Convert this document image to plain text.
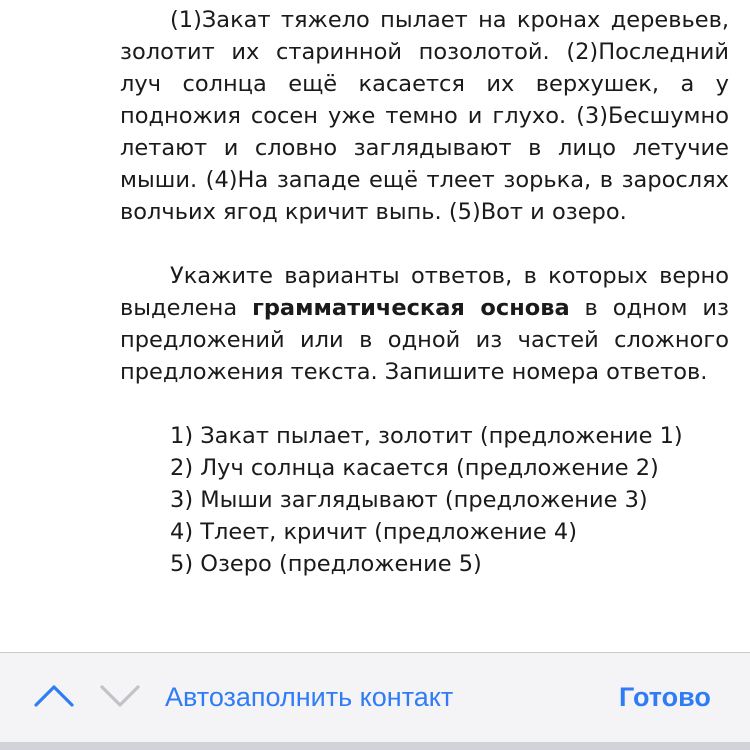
(1)Закат тяжело пылает на кронах деревьев, золотит их старинной позолотой. (2)Последний луч солнца ещё касается их верхушек, а у подножия сосен уже темно и глухо. (3)Бесшумно летают и словно заглядывают в лицо летучие мыши. (4)На западе ещё тлеет зорька, в зарослях волчьих ягод кричит выпь. (5)Вот и озеро.

Укажите варианты ответов, в которых верно выделена грамматическая основа в одном из предложений или в одной из частей сложного предложения текста. Запишите номера ответов.

1) Закат пылает, золотит (предложение 1)
2) Луч солнца касается (предложение 2)
3) Мыши заглядывают (предложение 3)
4) Тлеет, кричит (предложение 4)
5) Озеро (предложение 5)
Автозаполнить контакт	Готово
